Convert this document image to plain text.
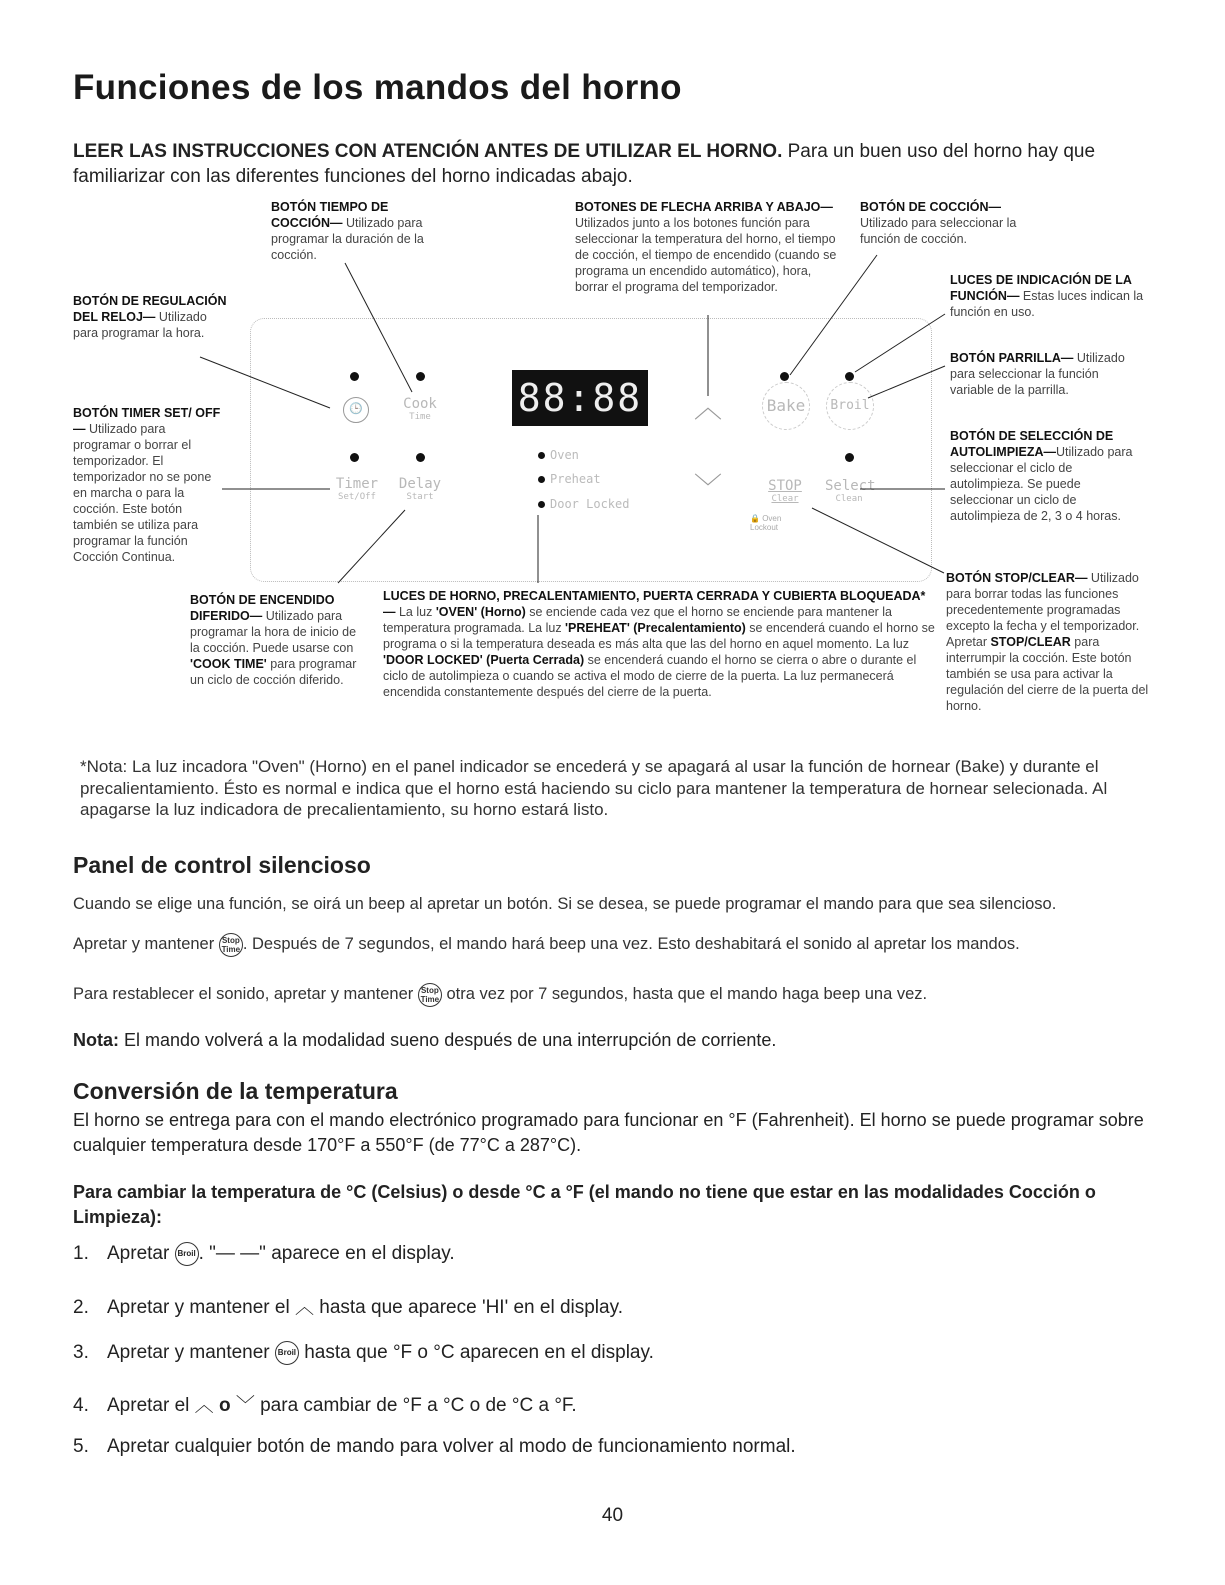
Funciones de los mandos del horno
LEER LAS INSTRUCCIONES CON ATENCIÓN ANTES DE UTILIZAR EL HORNO. Para un buen uso del horno hay que familiarizar con las diferentes funciones del horno indicadas abajo.
BOTÓN TIEMPO DE COCCIÓN— Utilizado para programar la duración de la cocción.
BOTONES DE FLECHA ARRIBA Y ABAJO— Utilizados junto a los botones función para seleccionar la temperatura del horno, el tiempo de cocción, el tiempo de encendido (cuando se programa un encendido automático), hora, borrar el programa del temporizador.
BOTÓN DE COCCIÓN— Utilizado para seleccionar la función de cocción.
LUCES DE INDICACIÓN DE LA FUNCIÓN— Estas luces indican la función en uso.
BOTÓN DE REGULACIÓN DEL RELOJ— Utilizado para programar la hora.
BOTÓN PARRILLA— Utilizado para seleccionar la función variable de la parrilla.
BOTÓN TIMER SET/ OFF — Utilizado para programar o borrar el temporizador. El temporizador no se pone en marcha o para la cocción. Este botón también se utiliza para programar la función Cocción Continua.
BOTÓN DE SELECCIÓN DE AUTOLIMPIEZA—Utilizado para seleccionar el ciclo de autolimpieza. Se puede seleccionar un ciclo de autolimpieza de 2, 3 o 4 horas.
BOTÓN DE ENCENDIDO DIFERIDO— Utilizado para programar la hora de inicio de la cocción. Puede usarse con 'COOK TIME' para programar un ciclo de cocción diferido.
LUCES DE HORNO, PRECALENTAMIENTO, PUERTA CERRADA Y CUBIERTA BLOQUEADA* — La luz 'OVEN' (Horno) se enciende cada vez que el horno se enciende para mantener la temperatura programada. La luz 'PREHEAT' (Precalentamiento) se encenderá cuando el horno se programa o si la temperatura deseada es más alta que las del horno en aquel momento. La luz 'DOOR LOCKED' (Puerta Cerrada) se encenderá cuando el horno se cierra o abre o durante el ciclo de autolimpieza o cuando se activa el modo de cierre de la puerta. La luz permanecerá encendida constantemente después del cierre de la puerta.
BOTÓN STOP/CLEAR— Utilizado para borrar todas las funciones precedentemente programadas excepto la fecha y el temporizador. Apretar STOP/CLEAR para interrumpir la cocción. Este botón también se usa para activar la regulación del cierre de la puerta del horno.
🕒	Cook
Time
Timer
Set/Off
Delay
Start
88:88
Oven
Preheat
Door Locked
︿
﹀
Bake	Broil
STOP
Clear
Select
Clean
🔒 Oven Lockout
*Nota: La luz incadora "Oven" (Horno) en el panel indicador se encederá y se apagará al usar la función de hornear (Bake) y durante el precalientamiento. Ésto es normal e indica que el horno está haciendo su ciclo para mantener la temperatura de hornear selecionada. Al apagarse la luz indicadora de precalientamiento, su horno estará listo.
Panel de control silencioso
Cuando se elige una función, se oirá un beep al apretar un botón. Si se desea, se puede programar el mando para que sea silencioso.
Apretar y mantener Stop
Time . Después de 7 segundos, el mando hará beep una vez. Esto deshabitará el sonido al apretar los mandos.
Para restablecer el sonido, apretar y mantener Stop
Time otra vez por 7 segundos, hasta que el mando haga beep una vez.
Nota: El mando volverá a la modalidad sueno después de una interrupción de corriente.
Conversión de la temperatura
El horno se entrega para con el mando electrónico programado para funcionar en °F (Fahrenheit). El horno se puede programar sobre cualquier temperatura desde 170°F a 550°F (de 77°C a 287°C).
Para cambiar la temperatura de °C (Celsius) o desde °C a °F (el mando no tiene que estar en las modalidades Cocción o Limpieza):
1. Apretar Broil . "— —" aparece en el display.
2. Apretar y mantener el ︿ hasta que aparece 'HI' en el display.
3. Apretar y mantener Broil hasta que °F o °C aparecen en el display.
4. Apretar el ︿ o ﹀ para cambiar de °F a °C o de °C a °F.
5. Apretar cualquier botón de mando para volver al modo de funcionamiento normal.
40
